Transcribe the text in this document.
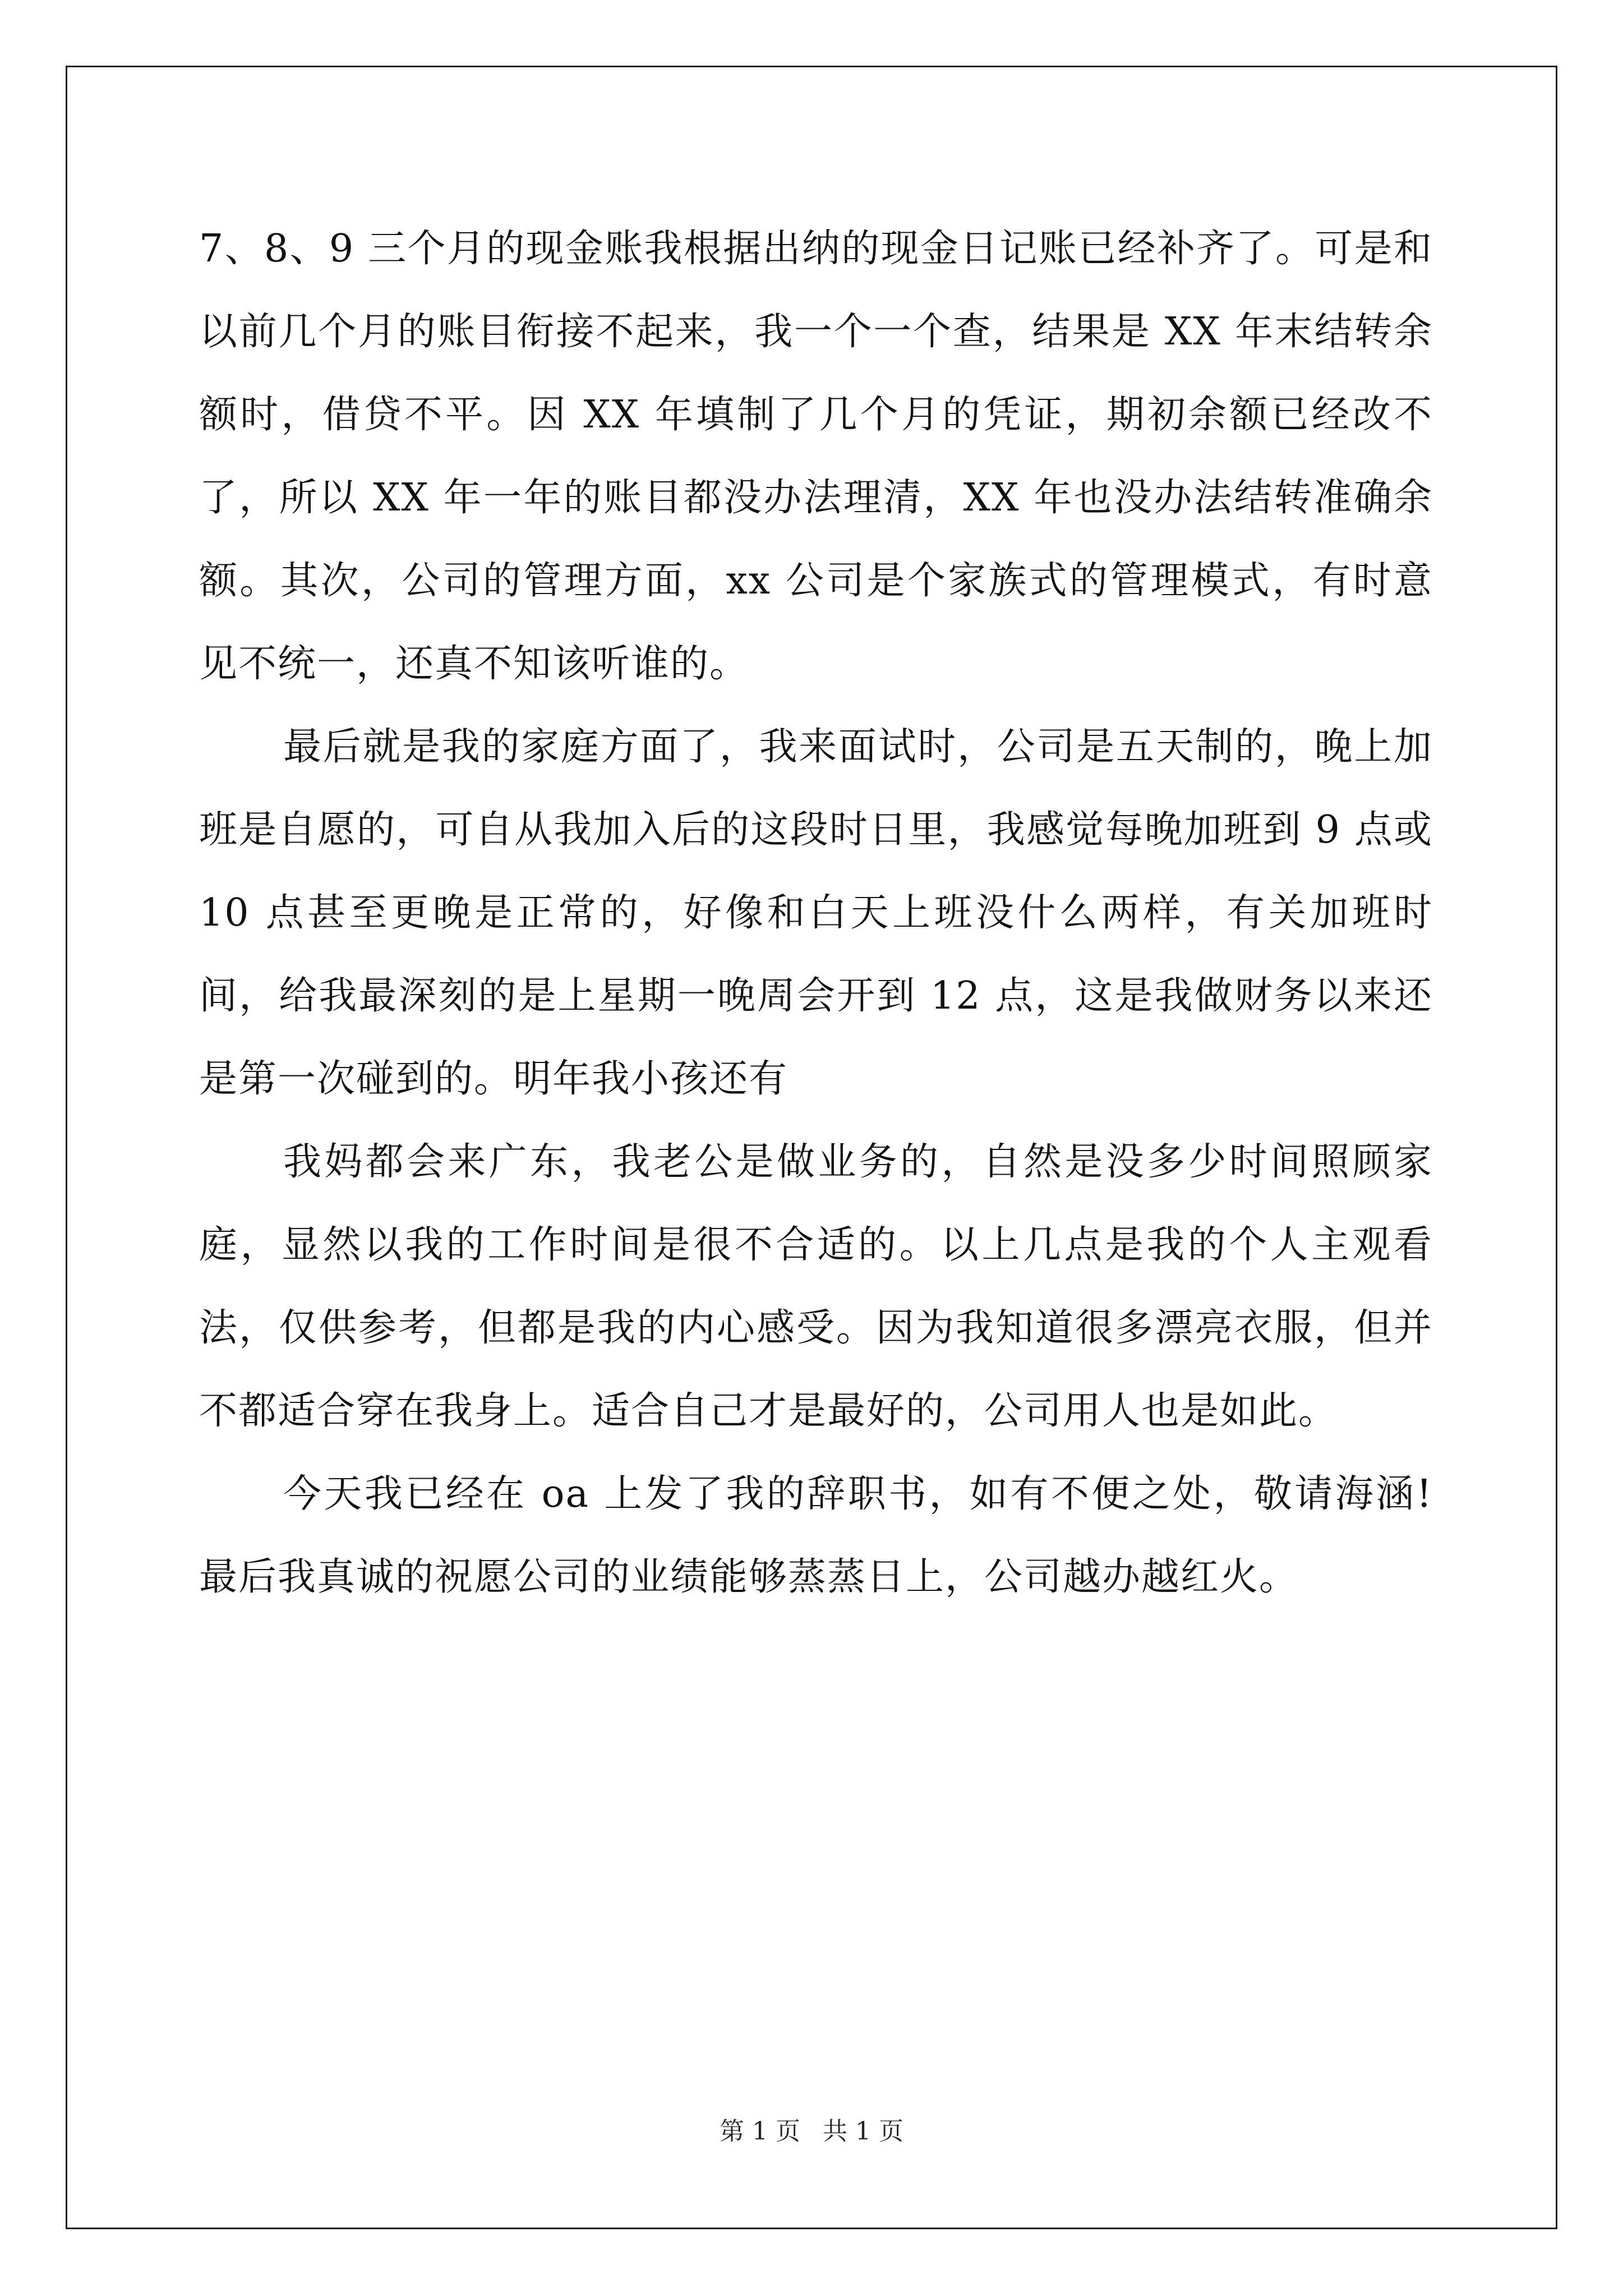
7、8、9 三个月的现金账我根据出纳的现金日记账已经补齐了。可是和以前几个月的账目衔接不起来，我一个一个查，结果是 XX 年末结转余额时，借贷不平。因 XX 年填制了几个月的凭证，期初余额已经改不了，所以 XX 年一年的账目都没办法理清，XX 年也没办法结转准确余额。其次，公司的管理方面，xx 公司是个家族式的管理模式，有时意见不统一，还真不知该听谁的。

最后就是我的家庭方面了，我来面试时，公司是五天制的，晚上加班是自愿的，可自从我加入后的这段时日里，我感觉每晚加班到 9 点或 10 点甚至更晚是正常的，好像和白天上班没什么两样，有关加班时间，给我最深刻的是上星期一晚周会开到 12 点，这是我做财务以来还是第一次碰到的。明年我小孩还有

我妈都会来广东，我老公是做业务的，自然是没多少时间照顾家庭，显然以我的工作时间是很不合适的。以上几点是我的个人主观看法，仅供参考，但都是我的内心感受。因为我知道很多漂亮衣服，但并不都适合穿在我身上。适合自己才是最好的，公司用人也是如此。

今天我已经在 oa 上发了我的辞职书，如有不便之处，敬请海涵!最后我真诚的祝愿公司的业绩能够蒸蒸日上，公司越办越红火。

第 1 页 共 1 页
